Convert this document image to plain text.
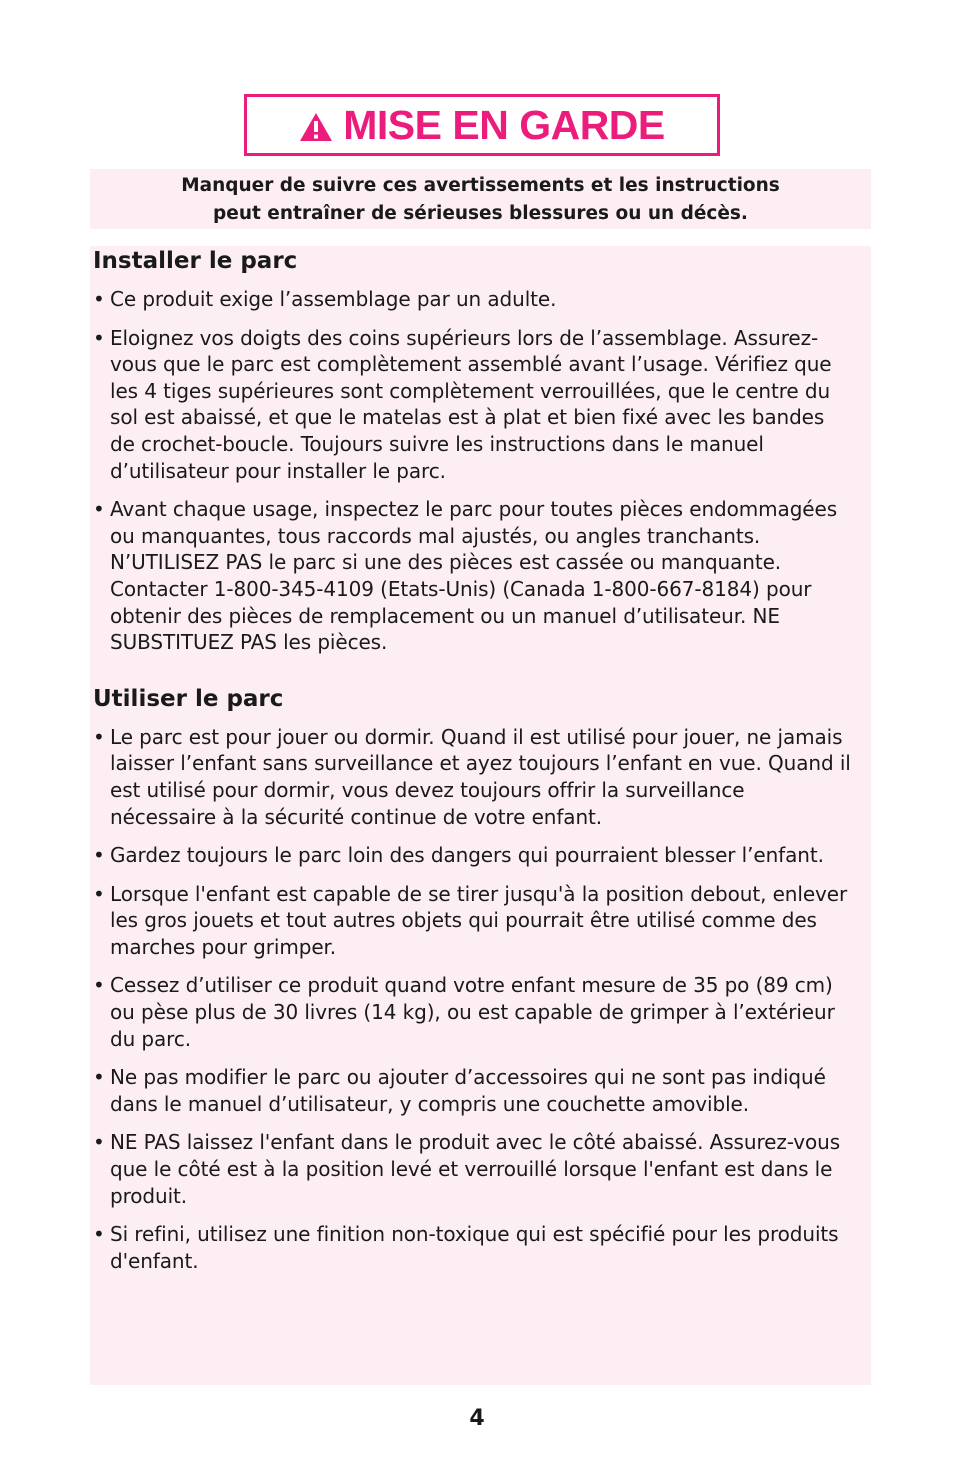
MISE EN GARDE

Manquer de suivre ces avertissements et les instructions

peut entraîner de sérieuses blessures ou un décès.

Installer le parc
• Ce produit exige l’assemblage par un adulte.
• Eloignez vos doigts des coins supérieurs lors de l’assemblage. Assurez-vous que le parc est complètement assemblé avant l’usage. Vérifiez que les 4 tiges supérieures sont complètement verrouillées, que le centre du sol est abaissé, et que le matelas est à plat et bien fixé avec les bandes de crochet-boucle. Toujours suivre les instructions dans le manuel d’utilisateur pour installer le parc.
• Avant chaque usage, inspectez le parc pour toutes pièces endommagées ou manquantes, tous raccords mal ajustés, ou angles tranchants. N’UTILISEZ PAS le parc si une des pièces est cassée ou manquante. Contacter 1-800-345-4109 (Etats-Unis) (Canada 1-800-667-8184) pour obtenir des pièces de remplacement ou un manuel d’utilisateur. NE SUBSTITUEZ PAS les pièces.
Utiliser le parc
• Le parc est pour jouer ou dormir. Quand il est utilisé pour jouer, ne jamais laisser l’enfant sans surveillance et ayez toujours l’enfant en vue. Quand il est utilisé pour dormir, vous devez toujours offrir la surveillance nécessaire à la sécurité continue de votre enfant.
• Gardez toujours le parc loin des dangers qui pourraient blesser l’enfant.
• Lorsque l'enfant est capable de se tirer jusqu'à la position debout, enlever les gros jouets et tout autres objets qui pourrait être utilisé comme des marches pour grimper.
• Cessez d’utiliser ce produit quand votre enfant mesure de 35 po (89 cm) ou pèse plus de 30 livres (14 kg), ou est capable de grimper à l’extérieur du parc.
• Ne pas modifier le parc ou ajouter d’accessoires qui ne sont pas indiqué dans le manuel d’utilisateur, y compris une couchette amovible.
• NE PAS laissez l'enfant dans le produit avec le côté abaissé. Assurez-vous que le côté est à la position levé et verrouillé lorsque l'enfant est dans le produit.
• Si refini, utilisez une finition non-toxique qui est spécifié pour les produits d'enfant.
4
